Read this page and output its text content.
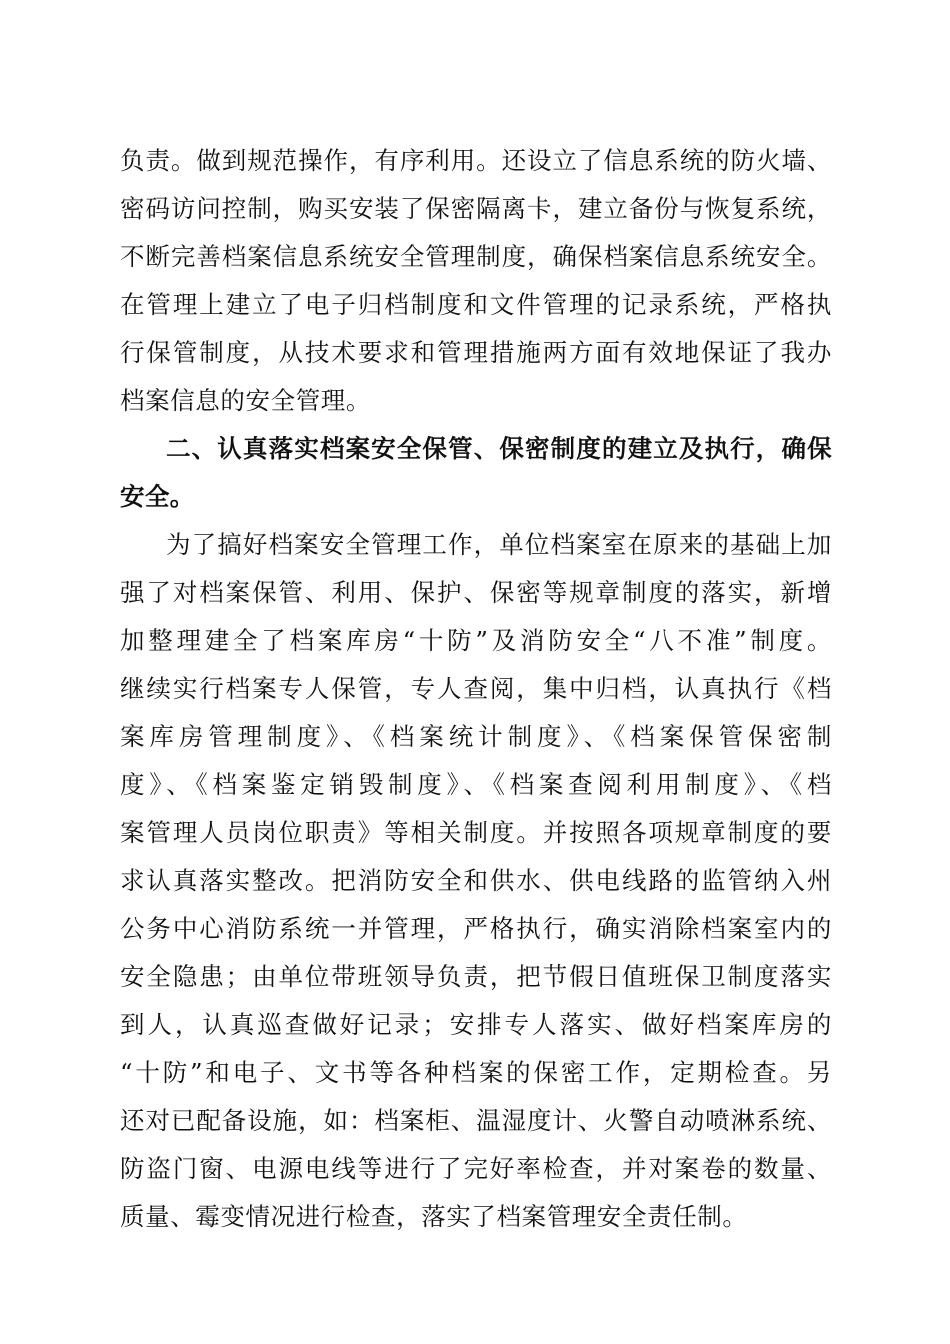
负责。做到规范操作，有序利用。还设立了信息系统的防火墙、

密码访问控制，购买安装了保密隔离卡，建立备份与恢复系统，

不断完善档案信息系统安全管理制度，确保档案信息系统安全。

在管理上建立了电子归档制度和文件管理的记录系统，严格执

行保管制度，从技术要求和管理措施两方面有效地保证了我办

档案信息的安全管理。

二、认真落实档案安全保管、保密制度的建立及执行，确保

安全。

为了搞好档案安全管理工作，单位档案室在原来的基础上加

强了对档案保管、利用、保护、保密等规章制度的落实，新增

加整理建全了档案库房“十防”及消防安全“八不准”制度。

继续实行档案专人保管，专人查阅，集中归档，认真执行《档

案库房管理制度》、《档案统计制度》、《档案保管保密制

度》、《档案鉴定销毁制度》、《档案查阅利用制度》、《档

案管理人员岗位职责》等相关制度。并按照各项规章制度的要

求认真落实整改。把消防安全和供水、供电线路的监管纳入州

公务中心消防系统一并管理，严格执行，确实消除档案室内的

安全隐患；由单位带班领导负责，把节假日值班保卫制度落实

到人，认真巡查做好记录；安排专人落实、做好档案库房的

“十防”和电子、文书等各种档案的保密工作，定期检查。另

还对已配备设施，如：档案柜、温湿度计、火警自动喷淋系统、

防盗门窗、电源电线等进行了完好率检查，并对案卷的数量、

质量、霉变情况进行检查，落实了档案管理安全责任制。
